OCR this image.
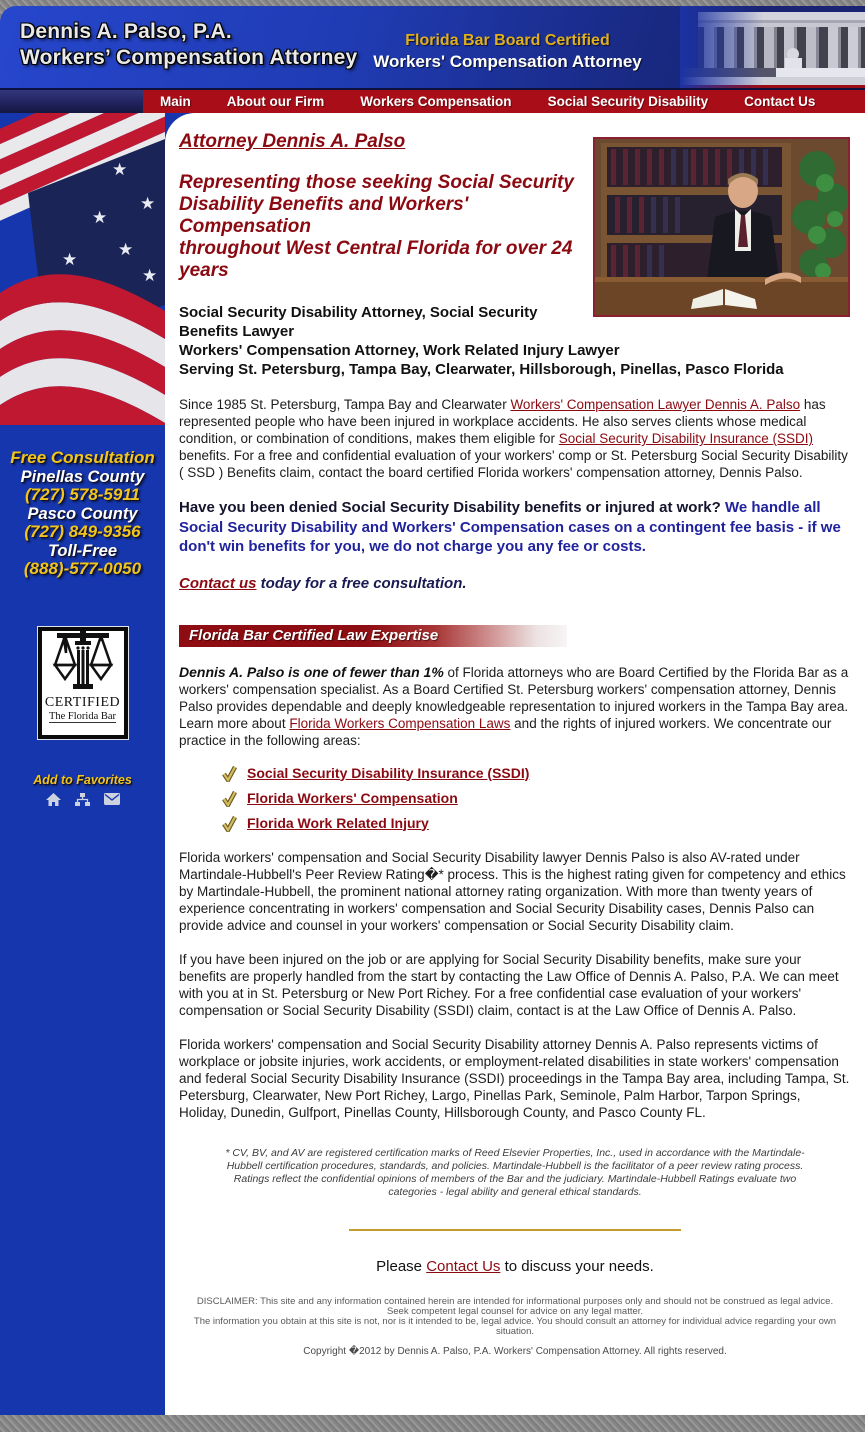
Dennis A. Palso, P.A.
Workers’ Compensation Attorney
Florida Bar Board Certified
Workers' Compensation Attorney
Main	About our Firm	Workers Compensation	Social Security Disability	Contact Us
★
★
★
★
★
★
Free Consultation
Pinellas County
(727) 578-5911
Pasco County
(727) 849-9356
Toll-Free
(888)-577-0050
CERTIFIED
The Florida Bar
Add to Favorites
Attorney Dennis A. Palso
Representing those seeking Social Security Disability Benefits and Workers' Compensation
throughout West Central Florida for over 24 years
Social Security Disability Attorney, Social Security Benefits Lawyer
Workers' Compensation Attorney, Work Related Injury Lawyer
Serving St. Petersburg, Tampa Bay, Clearwater, Hillsborough, Pinellas, Pasco Florida

Since 1985 St. Petersburg, Tampa Bay and Clearwater Workers' Compensation Lawyer Dennis A. Palso has represented people who have been injured in workplace accidents. He also serves clients whose medical condition, or combination of conditions, makes them eligible for Social Security Disability Insurance (SSDI) benefits. For a free and confidential evaluation of your workers' comp or St. Petersburg Social Security Disability ( SSD ) Benefits claim, contact the board certified Florida workers' compensation attorney, Dennis Palso.

Have you been denied Social Security Disability benefits or injured at work? We handle all Social Security Disability and Workers' Compensation cases on a contingent fee basis - if we don't win benefits for you, we do not charge you any fee or costs.

Contact us today for a free consultation.

Florida Bar Certified Law Expertise

Dennis A. Palso is one of fewer than 1% of Florida attorneys who are Board Certified by the Florida Bar as a workers' compensation specialist. As a Board Certified St. Petersburg workers' compensation attorney, Dennis Palso provides dependable and deeply knowledgeable representation to injured workers in the Tampa Bay area. Learn more about Florida Workers Compensation Laws and the rights of injured workers. We concentrate our practice in the following areas:

Social Security Disability Insurance (SSDI)
Florida Workers' Compensation
Florida Work Related Injury

Florida workers' compensation and Social Security Disability lawyer Dennis Palso is also AV-rated under Martindale-Hubbell's Peer Review Rating�* process. This is the highest rating given for competency and ethics by Martindale-Hubbell, the prominent national attorney rating organization. With more than twenty years of experience concentrating in workers' compensation and Social Security Disability cases, Dennis Palso can provide advice and counsel in your workers' compensation or Social Security Disability claim.

If you have been injured on the job or are applying for Social Security Disability benefits, make sure your benefits are properly handled from the start by contacting the Law Office of Dennis A. Palso, P.A. We can meet with you at in St. Petersburg or New Port Richey. For a free confidential case evaluation of your workers' compensation or Social Security Disability (SSDI) claim, contact is at the Law Office of Dennis A. Palso.

Florida workers' compensation and Social Security Disability attorney Dennis A. Palso represents victims of workplace or jobsite injuries, work accidents, or employment-related disabilities in state workers' compensation and federal Social Security Disability Insurance (SSDI) proceedings in the Tampa Bay area, including Tampa, St. Petersburg, Clearwater, New Port Richey, Largo, Pinellas Park, Seminole, Palm Harbor, Tarpon Springs, Holiday, Dunedin, Gulfport, Pinellas County, Hillsborough County, and Pasco County FL.

* CV, BV, and AV are registered certification marks of Reed Elsevier Properties, Inc., used in accordance with the Martindale-Hubbell certification procedures, standards, and policies. Martindale-Hubbell is the facilitator of a peer review rating process. Ratings reflect the confidential opinions of members of the Bar and the judiciary. Martindale-Hubbell Ratings evaluate two categories - legal ability and general ethical standards.

Please Contact Us to discuss your needs.

DISCLAIMER: This site and any information contained herein are intended for informational purposes only and should not be construed as legal advice. Seek competent legal counsel for advice on any legal matter.

The information you obtain at this site is not, nor is it intended to be, legal advice. You should consult an attorney for individual advice regarding your own situation.

Copyright �2012 by Dennis A. Palso, P.A. Workers' Compensation Attorney. All rights reserved.
